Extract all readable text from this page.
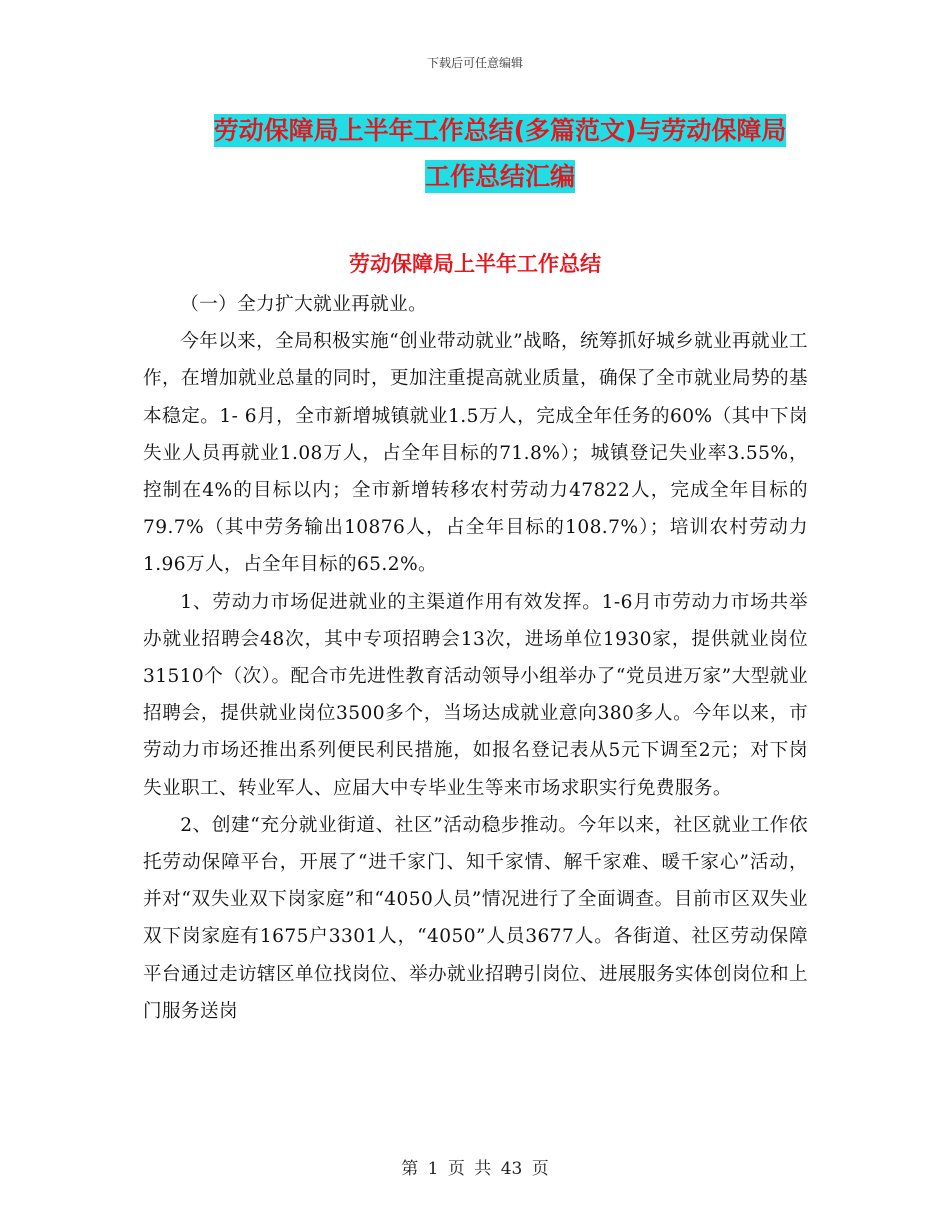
下载后可任意编辑
劳动保障局上半年工作总结(多篇范文)与劳动保障局
工作总结汇编
劳动保障局上半年工作总结

（一）全力扩大就业再就业。

今年以来，全局积极实施“创业带动就业”战略，统筹抓好城乡就业再就业工作，在增加就业总量的同时，更加注重提高就业质量，确保了全市就业局势的基本稳定。1- 6月，全市新增城镇就业1.5万人，完成全年任务的60%（其中下岗失业人员再就业1.08万人，占全年目标的71.8%）；城镇登记失业率3.55%，控制在4%的目标以内；全市新增转移农村劳动力47822人，完成全年目标的79.7%（其中劳务输出10876人，占全年目标的108.7%）；培训农村劳动力1.96万人，占全年目标的65.2%。

1、劳动力市场促进就业的主渠道作用有效发挥。1-6月市劳动力市场共举办就业招聘会48次，其中专项招聘会13次，进场单位1930家，提供就业岗位31510个（次）。配合市先进性教育活动领导小组举办了“党员进万家”大型就业招聘会，提供就业岗位3500多个，当场达成就业意向380多人。今年以来，市劳动力市场还推出系列便民利民措施，如报名登记表从5元下调至2元；对下岗失业职工、转业军人、应届大中专毕业生等来市场求职实行免费服务。

2、创建“充分就业街道、社区”活动稳步推动。今年以来，社区就业工作依托劳动保障平台，开展了“进千家门、知千家情、解千家难、暖千家心”活动，并对“双失业双下岗家庭”和“4050人员”情况进行了全面调查。目前市区双失业双下岗家庭有1675户3301人，“4050”人员3677人。各街道、社区劳动保障平台通过走访辖区单位找岗位、举办就业招聘引岗位、进展服务实体创岗位和上门服务送岗

第 1 页 共 43 页
